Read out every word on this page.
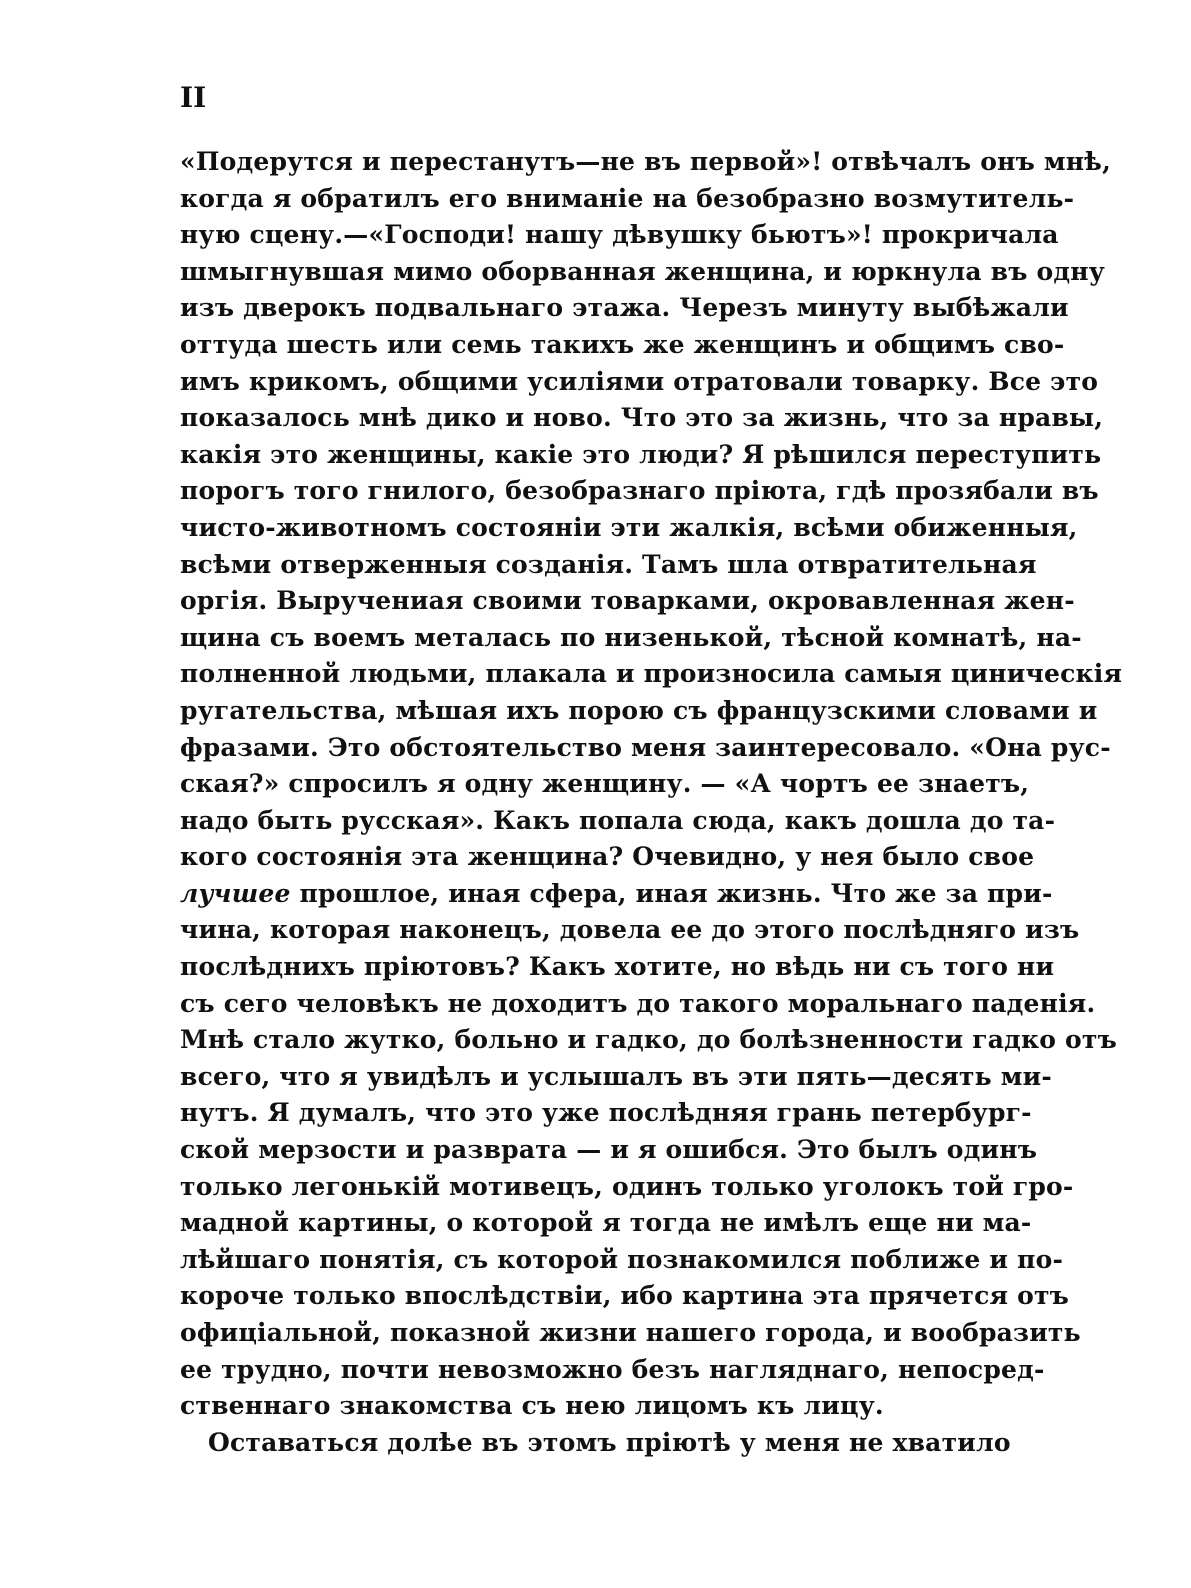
II
«Подерутся и перестанутъ—не въ первой»! отвѣчалъ онъ мнѣ,
когда я обратилъ его вниманіе на безобразно возмутитель-
ную сцену.—«Господи! нашу дѣвушку бьютъ»! прокричала
шмыгнувшая мимо оборванная женщина, и юркнула въ одну
изъ дверокъ подвальнаго этажа. Черезъ минуту выбѣжали
оттуда шесть или семь такихъ же женщинъ и общимъ сво-
имъ крикомъ, общими усиліями отратовали товарку. Все это
показалось мнѣ дико и ново. Что это за жизнь, что за нравы,
какія это женщины, какіе это люди? Я рѣшился переступить
порогъ того гнилого, безобразнаго пріюта, гдѣ прозябали въ
чисто-животномъ состояніи эти жалкія, всѣми обиженныя,
всѣми отверженныя созданія. Тамъ шла отвратительная
оргія. Выручениая своими товарками, окровавленная жен-
щина съ воемъ металась по низенькой, тѣсной комнатѣ, на-
полненной людьми, плакала и произносила самыя циническія
ругательства, мѣшая ихъ порою съ французскими словами и
фразами. Это обстоятельство меня заинтересовало. «Она рус-
ская?» спросилъ я одну женщину. — «А чортъ ее знаетъ,
надо быть русская». Какъ попала сюда, какъ дошла до та-
кого состоянія эта женщина? Очевидно, у нея было свое
лучшее прошлое, иная сфера, иная жизнь. Что же за при-
чина, которая наконецъ, довела ее до этого послѣдняго изъ
послѣднихъ пріютовъ? Какъ хотите, но вѣдь ни съ того ни
съ сего человѣкъ не доходитъ до такого моральнаго паденія.
Мнѣ стало жутко, больно и гадко, до болѣзненности гадко отъ
всего, что я увидѣлъ и услышалъ въ эти пять—десять ми-
нутъ. Я думалъ, что это уже послѣдняя грань петербург-
ской мерзости и разврата — и я ошибся. Это былъ одинъ
только легонькій мотивецъ, одинъ только уголокъ той гро-
мадной картины, о которой я тогда не имѣлъ еще ни ма-
лѣйшаго понятія, съ которой познакомился поближе и по-
короче только впослѣдствіи, ибо картина эта прячется отъ
офиціальной, показной жизни нашего города, и вообразить
ее трудно, почти невозможно безъ нагляднаго, непосред-
ственнаго знакомства съ нею лицомъ къ лицу.
Оставаться долѣе въ этомъ пріютѣ у меня не хватило
